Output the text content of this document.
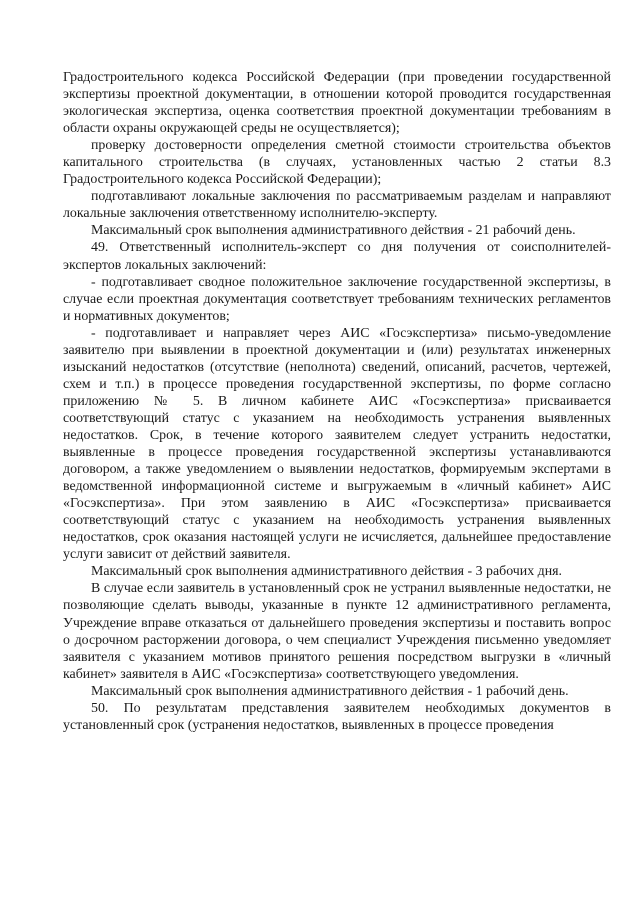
Градостроительного кодекса Российской Федерации (при проведении государственной экспертизы проектной документации, в отношении которой проводится государственная экологическая экспертиза, оценка соответствия проектной документации требованиям в области охраны окружающей среды не осуществляется);

проверку достоверности определения сметной стоимости строительства объектов капитального строительства (в случаях, установленных частью 2 статьи 8.3 Градостроительного кодекса Российской Федерации);

подготавливают локальные заключения по рассматриваемым разделам и направляют локальные заключения ответственному исполнителю-эксперту.

Максимальный срок выполнения административного действия - 21 рабочий день.

49. Ответственный исполнитель-эксперт со дня получения от соисполнителей-экспертов локальных заключений:

- подготавливает сводное положительное заключение государственной экспертизы, в случае если проектная документация соответствует требованиям технических регламентов и нормативных документов;

- подготавливает и направляет через АИС «Госэкспертиза» письмо-уведомление заявителю при выявлении в проектной документации и (или) результатах инженерных изысканий недостатков (отсутствие (неполнота) сведений, описаний, расчетов, чертежей, схем и т.п.) в процессе проведения государственной экспертизы, по форме согласно приложению № 5. В личном кабинете АИС «Госэкспертиза» присваивается соответствующий статус с указанием на необходимость устранения выявленных недостатков. Срок, в течение которого заявителем следует устранить недостатки, выявленные в процессе проведения государственной экспертизы устанавливаются договором, а также уведомлением о выявлении недостатков, формируемым экспертами в ведомственной информационной системе и выгружаемым в «личный кабинет» АИС «Госэкспертиза». При этом заявлению в АИС «Госэкспертиза» присваивается соответствующий статус с указанием на необходимость устранения выявленных недостатков, срок оказания настоящей услуги не исчисляется, дальнейшее предоставление услуги зависит от действий заявителя.

Максимальный срок выполнения административного действия - 3 рабочих дня.

В случае если заявитель в установленный срок не устранил выявленные недостатки, не позволяющие сделать выводы, указанные в пункте 12 административного регламента, Учреждение вправе отказаться от дальнейшего проведения экспертизы и поставить вопрос о досрочном расторжении договора, о чем специалист Учреждения письменно уведомляет заявителя с указанием мотивов принятого решения посредством выгрузки в «личный кабинет» заявителя в АИС «Госэкспертиза» соответствующего уведомления.

Максимальный срок выполнения административного действия - 1 рабочий день.

50. По результатам представления заявителем необходимых документов в установленный срок (устранения недостатков, выявленных в процессе проведения
